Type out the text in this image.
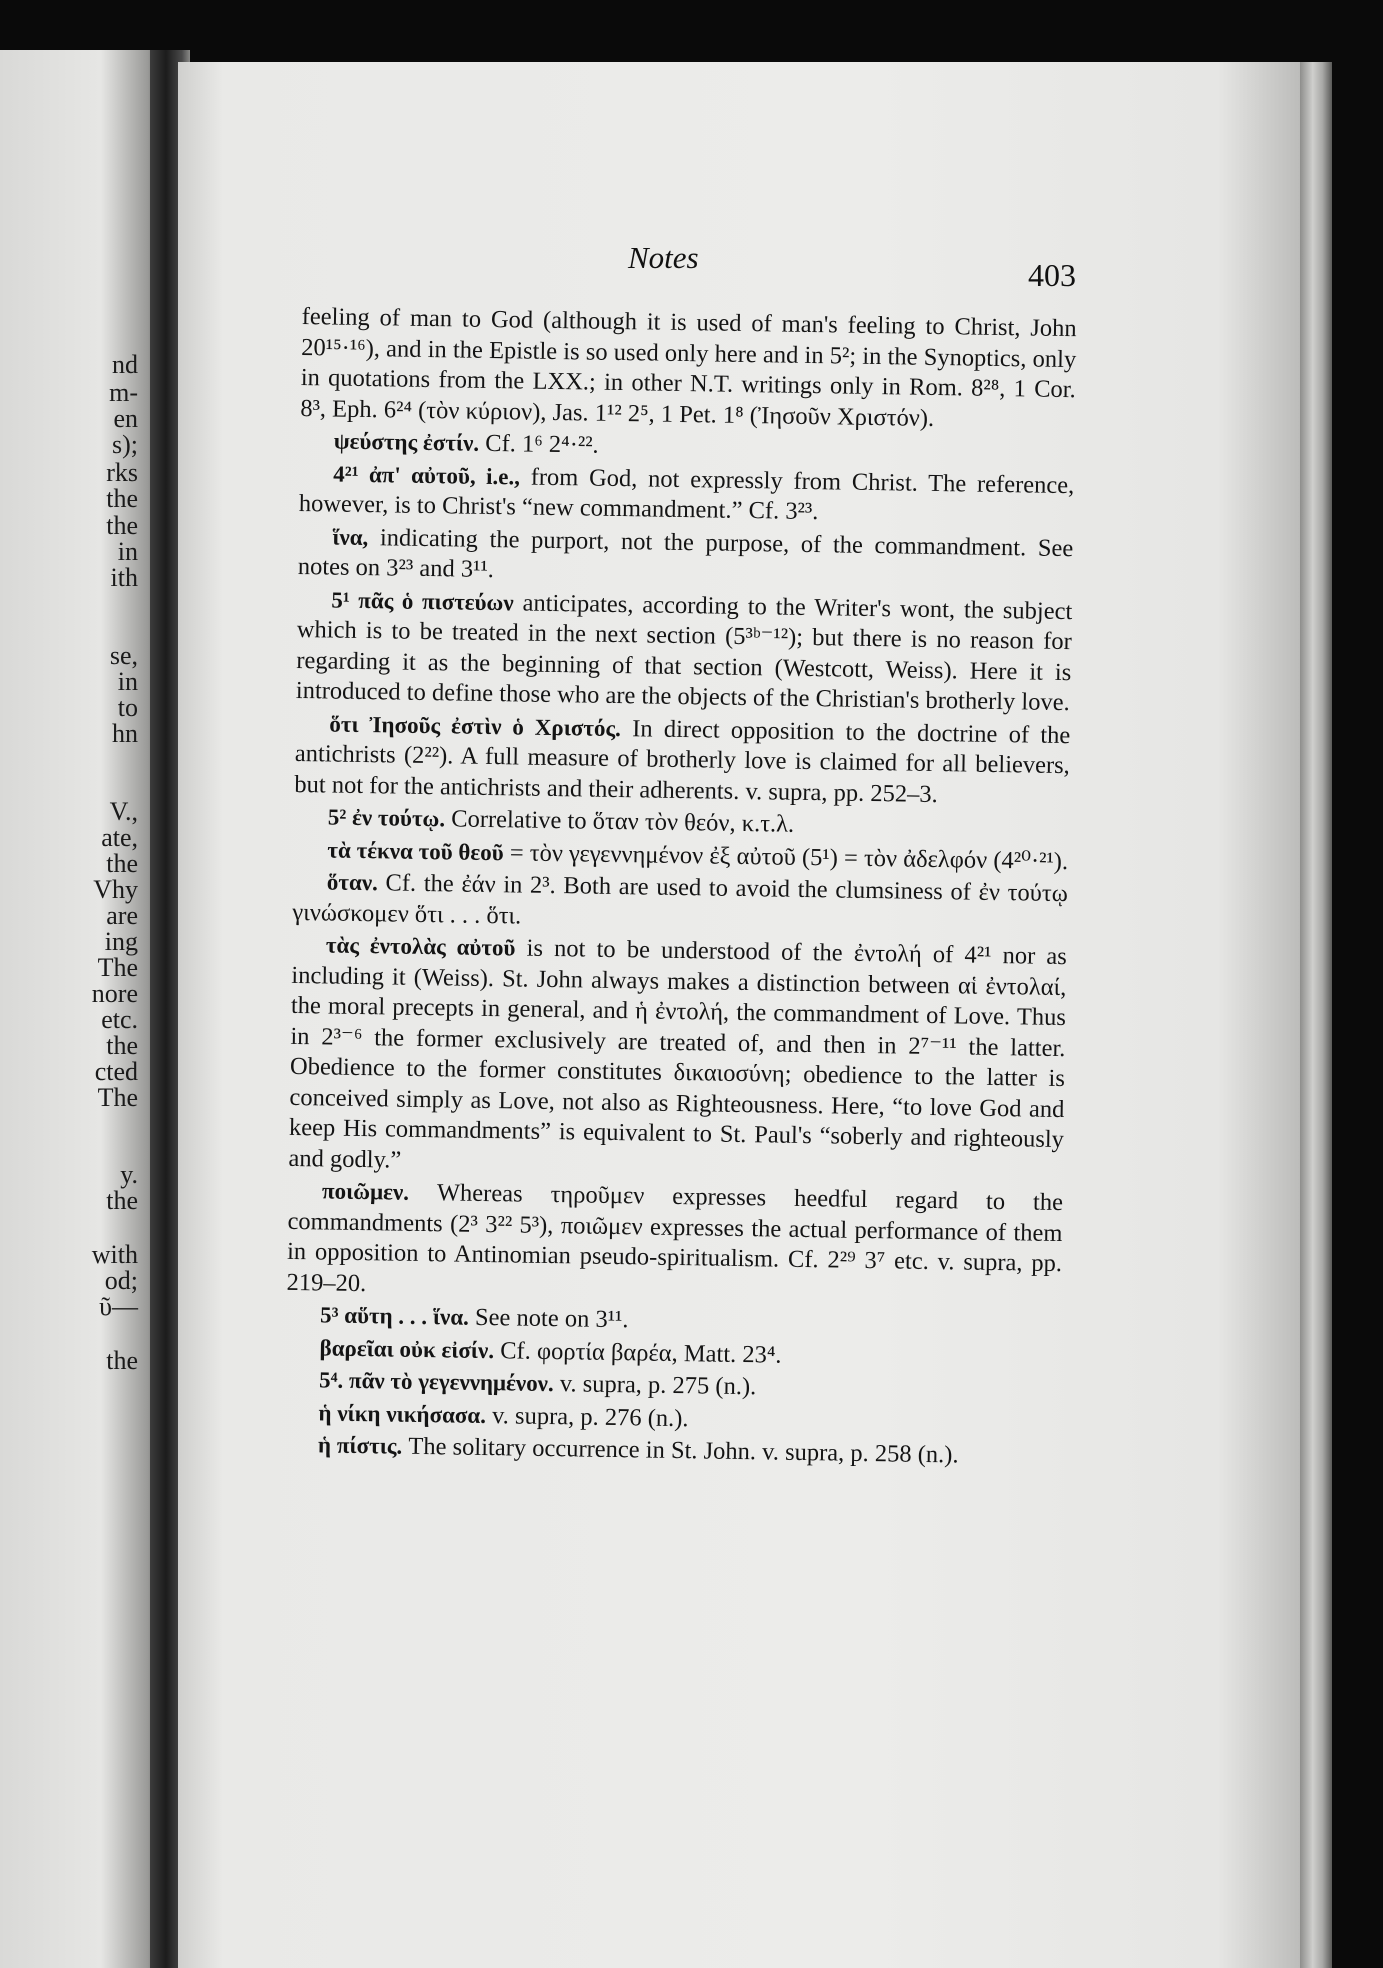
nd
m-
en
s);
rks
the
the
in
ith
se,
in
to
hn
V.,
ate,
the
Vhy
are
ing
The
nore
etc.
the
cted
The
y.
the
with
od;
ῦ—
the
Notes	403

feeling of man to God (although it is used of man's feeling to Christ, John 20¹⁵·¹⁶), and in the Epistle is so used only here and in 5²; in the Synoptics, only in quotations from the LXX.; in other N.T. writings only in Rom. 8²⁸, 1 Cor. 8³, Eph. 6²⁴ (τὸν κύριον), Jas. 1¹² 2⁵, 1 Pet. 1⁸ (Ἰησοῦν Χριστόν).

ψεύστης ἐστίν. Cf. 1⁶ 2⁴·²².

4²¹ ἀπ' αὐτοῦ, i.e., from God, not expressly from Christ. The reference, however, is to Christ's “new commandment.” Cf. 3²³.

ἵνα, indicating the purport, not the purpose, of the commandment. See notes on 3²³ and 3¹¹.

5¹ πᾶς ὁ πιστεύων anticipates, according to the Writer's wont, the subject which is to be treated in the next section (5³ᵇ⁻¹²); but there is no reason for regarding it as the beginning of that section (Westcott, Weiss). Here it is introduced to define those who are the objects of the Christian's brotherly love.

ὅτι Ἰησοῦς ἐστὶν ὁ Χριστός. In direct opposition to the doctrine of the antichrists (2²²). A full measure of brotherly love is claimed for all believers, but not for the antichrists and their adherents. v. supra, pp. 252–3.

5² ἐν τούτῳ. Correlative to ὅταν τὸν θεόν, κ.τ.λ.

τὰ τέκνα τοῦ θεοῦ = τὸν γεγεννημένον ἐξ αὐτοῦ (5¹) = τὸν ἀδελφόν (4²⁰·²¹).

ὅταν. Cf. the ἐάν in 2³. Both are used to avoid the clumsiness of ἐν τούτῳ γινώσκομεν ὅτι . . . ὅτι.

τὰς ἐντολὰς αὐτοῦ is not to be understood of the ἐντολή of 4²¹ nor as including it (Weiss). St. John always makes a distinction between αἱ ἐντολαί, the moral precepts in general, and ἡ ἐντολή, the commandment of Love. Thus in 2³⁻⁶ the former exclusively are treated of, and then in 2⁷⁻¹¹ the latter. Obedience to the former constitutes δικαιοσύνη; obedience to the latter is conceived simply as Love, not also as Righteousness. Here, “to love God and keep His commandments” is equivalent to St. Paul's “soberly and righteously and godly.”

ποιῶμεν. Whereas τηροῦμεν expresses heedful regard to the commandments (2³ 3²² 5³), ποιῶμεν expresses the actual performance of them in opposition to Antinomian pseudo-spiritualism. Cf. 2²⁹ 3⁷ etc. v. supra, pp. 219–20.

5³ αὕτη . . . ἵνα. See note on 3¹¹.

βαρεῖαι οὐκ εἰσίν. Cf. φορτία βαρέα, Matt. 23⁴.

5⁴. πᾶν τὸ γεγεννημένον. v. supra, p. 275 (n.).

ἡ νίκη νικήσασα. v. supra, p. 276 (n.).

ἡ πίστις. The solitary occurrence in St. John. v. supra, p. 258 (n.).
